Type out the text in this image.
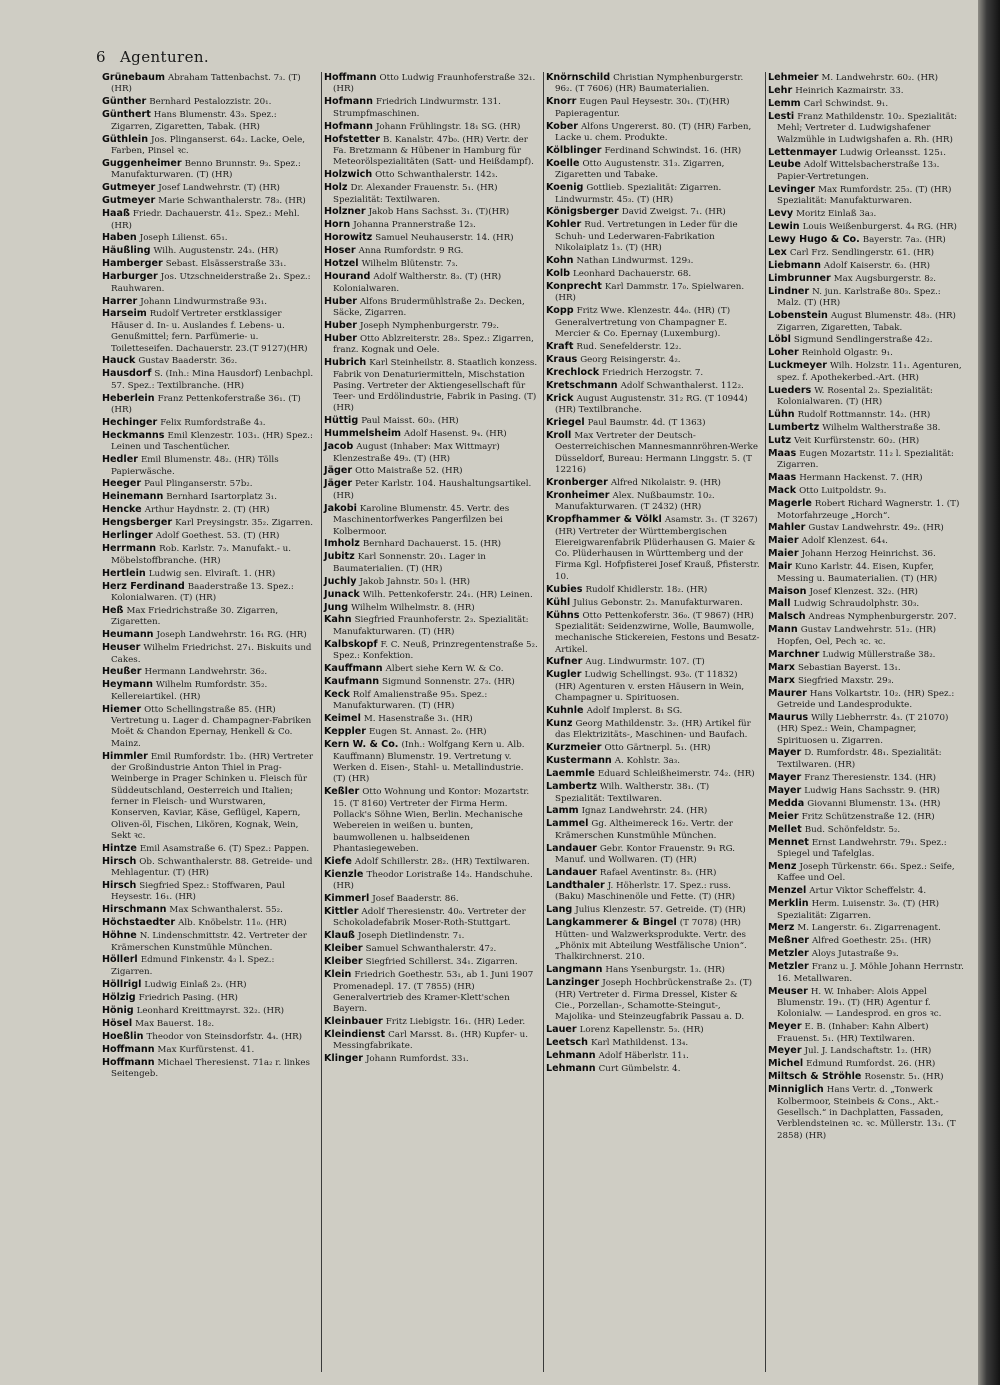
6 Agenturen.
Grünebaum Abraham Tattenbachst. 7₃. (T) (HR)
Günther Bernhard Pestalozzistr. 20₁.
Günthert Hans Blumenstr. 43₃. Spez.: Zigarren, Zigaretten, Tabak. (HR)
Güthlein Jos. Plinganserst. 64₂. Lacke, Oele, Farben, Pinsel ꝛc.
Guggenheimer Benno Brunnstr. 9₃. Spez.: Manufakturwaren. (T) (HR)
Gutmeyer Josef Landwehrstr. (T) (HR)
Gutmeyer Marie Schwanthalerstr. 78₃. (HR)
Haaß Friedr. Dachauerstr. 41₂. Spez.: Mehl. (HR)
Haben Joseph Lilienst. 65₁.
Häußling Wilh. Augustenstr. 24₃. (HR)
Hamberger Sebast. Elsässerstraße 33₁.
Harburger Jos. Utzschneiderstraße 2₁. Spez.: Rauhwaren.
Harrer Johann Lindwurmstraße 93₁.
Harseim Rudolf Vertreter erstklassiger Häuser d. In- u. Auslandes f. Lebens- u. Genußmittel; fern. Parfümerie- u. Toiletteseifen. Dachauerstr. 23.(T 9127)(HR)
Hauck Gustav Baaderstr. 36₂.
Hausdorf S. (Inh.: Mina Hausdorf) Lenbachpl. 57. Spez.: Textilbranche. (HR)
Heberlein Franz Pettenkoferstraße 36₁. (T) (HR)
Hechinger Felix Rumfordstraße 4₃.
Heckmanns Emil Klenzestr. 103₁. (HR) Spez.: Leinen und Taschentücher.
Hedler Emil Blumenstr. 48₂. (HR) Tölls Papierwäsche.
Heeger Paul Plinganserstr. 57b₂.
Heinemann Bernhard Isartorplatz 3₁.
Hencke Arthur Haydnstr. 2. (T) (HR)
Hengsberger Karl Preysingstr. 35₂. Zigarren.
Herlinger Adolf Goethest. 53. (T) (HR)
Herrmann Rob. Karlstr. 7₃. Manufakt.- u. Möbelstoffbranche. (HR)
Hertlein Ludwig sen. Elviraſt. 1. (HR)
Herz Ferdinand Baaderstraße 13. Spez.: Kolonialwaren. (T) (HR)
Heß Max Friedrichstraße 30. Zigarren, Zigaretten.
Heumann Joseph Landwehrstr. 16₁ RG. (HR)
Heuser Wilhelm Friedrichst. 27₁. Biskuits und Cakes.
Heußer Hermann Landwehrstr. 36₂.
Heymann Wilhelm Rumfordstr. 35₂. Kellereiartikel. (HR)
Hiemer Otto Schellingstraße 85. (HR) Vertretung u. Lager d. Champagner-Fabriken Moët & Chandon Epernay, Henkell & Co. Mainz.
Himmler Emil Rumfordstr. 1b₂. (HR) Vertreter der Großindustrie Anton Thiel in Prag-Weinberge in Prager Schinken u. Fleisch für Süddeutschland, Oesterreich und Italien; ferner in Fleisch- und Wurstwaren, Konserven, Kaviar, Käse, Geflügel, Kapern, Oliven-öl, Fischen, Likören, Kognak, Wein, Sekt ꝛc.
Hintze Emil Asamstraße 6. (T) Spez.: Pappen.
Hirsch Ob. Schwanthalerstr. 88. Getreide- und Mehlagentur. (T) (HR)
Hirsch Siegfried Spez.: Stoffwaren, Paul Heysestr. 16₁. (HR)
Hirschmann Max Schwanthalerst. 55₂.
Höchstaedter Alb. Knöbelstr. 11₀. (HR)
Höhne N. Lindenschmittstr. 42. Vertreter der Krämerschen Kunstmühle München.
Höllerl Edmund Finkenstr. 4₃ l. Spez.: Zigarren.
Höllrigl Ludwig Einlaß 2₃. (HR)
Hölzig Friedrich Pasing. (HR)
Hönig Leonhard Kreittmayrst. 32₂. (HR)
Hösel Max Bauerst. 18₂.
Hoeßlin Theodor von Steinsdorfstr. 4₄. (HR)
Hoffmann Max Kurfürstenst. 41.
Hoffmann Michael Theresienst. 71a₂ r. linkes Seitengeb.
Hoffmann Otto Ludwig Fraunhoferstraße 32₁. (HR)
Hofmann Friedrich Lindwurmstr. 131. Strumpfmaschinen.
Hofmann Johann Frühlingstr. 18₁ SG. (HR)
Hofstetter B. Kanalstr. 47b₀. (HR) Vertr. der Fa. Bretzmann & Hübener in Hamburg für Meteorölspezialitäten (Satt- und Heißdampf).
Holzwich Otto Schwanthalerstr. 142₃.
Holz Dr. Alexander Frauenstr. 5₁. (HR) Spezialität: Textilwaren.
Holzner Jakob Hans Sachsst. 3₁. (T)(HR)
Horn Johanna Prannerstraße 12₃.
Horowitz Samuel Neuhauserstr. 14. (HR)
Hoser Anna Rumfordstr. 9 RG.
Hotzel Wilhelm Blütenstr. 7₃.
Hourand Adolf Waltherstr. 8₃. (T) (HR) Kolonialwaren.
Huber Alfons Brudermühlstraße 2₃. Decken, Säcke, Zigarren.
Huber Joseph Nymphenburgerstr. 79₂.
Huber Otto Ablzreiterstr. 28₃. Spez.: Zigarren, franz. Kognak und Oele.
Hubrich Karl Steinheilstr. 8. Staatlich konzess. Fabrik von Denaturiermitteln, Mischstation Pasing. Vertreter der Aktiengesellschaft für Teer- und Erdölindustrie, Fabrik in Pasing. (T) (HR)
Hüttig Paul Maisst. 60₃. (HR)
Hummelsheim Adolf Hasenst. 9₄. (HR)
Jacob August (Inhaber: Max Wittmayr) Klenzestraße 49₃. (T) (HR)
Jäger Otto Maistraße 52. (HR)
Jäger Peter Karlstr. 104. Haushaltungsartikel. (HR)
Jakobi Karoline Blumenstr. 45. Vertr. des Maschinentorfwerkes Pangerfilzen bei Kolbermoor.
Imholz Bernhard Dachauerst. 15. (HR)
Jubitz Karl Sonnenstr. 20₁. Lager in Baumaterialien. (T) (HR)
Juchly Jakob Jahnstr. 50₃ l. (HR)
Junack Wilh. Pettenkoferstr. 24₁. (HR) Leinen.
Jung Wilhelm Wilhelmstr. 8. (HR)
Kahn Siegfried Fraunhoferstr. 2₃. Spezialität: Manufakturwaren. (T) (HR)
Kalbskopf F. C. Neuß, Prinzregentenstraße 5₂. Spez.: Konfektion.
Kauffmann Albert siehe Kern W. & Co.
Kaufmann Sigmund Sonnenstr. 27₃. (HR)
Keck Rolf Amalienstraße 95₃. Spez.: Manufakturwaren. (T) (HR)
Keimel M. Hasenstraße 3₁. (HR)
Keppler Eugen St. Annast. 2₀. (HR)
Kern W. & Co. (Inh.: Wolfgang Kern u. Alb. Kauffmann) Blumenstr. 19. Vertretung v. Werken d. Eisen-, Stahl- u. Metallindustrie. (T) (HR)
Keßler Otto Wohnung und Kontor: Mozartstr. 15. (T 8160) Vertreter der Firma Herm. Pollack's Söhne Wien, Berlin. Mechanische Webereien in weißen u. bunten, baumwollenen u. halbseidenen Phantasiegeweben.
Kiefe Adolf Schillerstr. 28₂. (HR) Textilwaren.
Kienzle Theodor Loristraße 14₃. Handschuhe. (HR)
Kimmerl Josef Baaderstr. 86.
Kittler Adolf Theresienstr. 40₀. Vertreter der Schokoladefabrik Moser-Roth-Stuttgart.
Klauß Joseph Dietlindenstr. 7₁.
Kleiber Samuel Schwanthalerstr. 47₂.
Kleiber Siegfried Schillerst. 34₁. Zigarren.
Klein Friedrich Goethestr. 53₁, ab 1. Juni 1907 Promenadepl. 17. (T 7855) (HR) Generalvertrieb des Kramer-Klett'schen Bayern.
Kleinbauer Fritz Liebigstr. 16₁. (HR) Leder.
Kleindienst Carl Marsst. 8₁. (HR) Kupfer- u. Messingfabrikate.
Klinger Johann Rumfordst. 33₁.
Knörnschild Christian Nymphenburgerstr. 96₂. (T 7606) (HR) Baumaterialien.
Knorr Eugen Paul Heysestr. 30₁. (T)(HR) Papieragentur.
Kober Alfons Ungererst. 80. (T) (HR) Farben, Lacke u. chem. Produkte.
Kölblinger Ferdinand Schwindst. 16. (HR)
Koelle Otto Augustenstr. 31₃. Zigarren, Zigaretten und Tabake.
Koenig Gottlieb. Spezialität: Zigarren. Lindwurmstr. 45₃. (T) (HR)
Königsberger David Zweigst. 7₁. (HR)
Kohler Rud. Vertretungen in Leder für die Schuh- und Lederwaren-Fabrikation Nikolaiplatz 1₃. (T) (HR)
Kohn Nathan Lindwurmst. 129₃.
Kolb Leonhard Dachauerstr. 68.
Konprecht Karl Dammstr. 17₀. Spielwaren. (HR)
Kopp Fritz Wwe. Klenzestr. 44₀. (HR) (T) Generalvertretung von Champagner E. Mercier & Co. Epernay (Luxemburg).
Kraft Rud. Senefelderstr. 12₂.
Kraus Georg Reisingerstr. 4₂.
Krechlock Friedrich Herzogstr. 7.
Kretschmann Adolf Schwanthalerst. 112₂.
Krick August Augustenstr. 31₂ RG. (T 10944) (HR) Textilbranche.
Kriegel Paul Baumstr. 4d. (T 1363)
Kroll Max Vertreter der Deutsch-Oesterreichischen Mannesmannröhren-Werke Düsseldorf, Bureau: Hermann Linggstr. 5. (T 12216)
Kronberger Alfred Nikolaistr. 9. (HR)
Kronheimer Alex. Nußbaumstr. 10₂. Manufakturwaren. (T 2432) (HR)
Kropfhammer & Völkl Asamstr. 3₁. (T 3267) (HR) Vertreter der Württembergischen Eiereigwarenfabrik Plüderhausen G. Maier & Co. Plüderhausen in Württemberg und der Firma Kgl. Hofpfisterei Josef Krauß, Pfisterstr. 10.
Kubies Rudolf Khidlerstr. 18₂. (HR)
Kühl Julius Gebonstr. 2₃. Manufakturwaren.
Kühns Otto Pettenkoferstr. 36₀. (T 9867) (HR) Spezialität: Seidenzwirne, Wolle, Baumwolle, mechanische Stickereien, Festons und Besatz-Artikel.
Kufner Aug. Lindwurmstr. 107. (T)
Kugler Ludwig Schellingst. 93₀. (T 11832) (HR) Agenturen v. ersten Häusern in Wein, Champagner u. Spirituosen.
Kuhnle Adolf Implerst. 8₁ SG.
Kunz Georg Mathildenstr. 3₂. (HR) Artikel für das Elektrizitäts-, Maschinen- und Baufach.
Kurzmeier Otto Gärtnerpl. 5₁. (HR)
Kustermann A. Kohlstr. 3a₃.
Laemmle Eduard Schleißheimerstr. 74₂. (HR)
Lambertz Wilh. Waltherstr. 38₁. (T) Spezialität: Textilwaren.
Lamm Ignaz Landwehrstr. 24. (HR)
Lammel Gg. Altheimereck 16₂. Vertr. der Krämerschen Kunstmühle München.
Landauer Gebr. Kontor Frauenstr. 9₁ RG. Manuf. und Wollwaren. (T) (HR)
Landauer Rafael Aventinstr. 8₃. (HR)
Landthaler J. Höherlstr. 17. Spez.: russ. (Baku) Maschinenöle und Fette. (T) (HR)
Lang Julius Klenzestr. 57. Getreide. (T) (HR)
Langkammerer & Bingel (T 7078) (HR) Hütten- und Walzwerksprodukte. Vertr. des „Phönix mit Abteilung Westfälische Union“. Thalkirchnerst. 210.
Langmann Hans Ysenburgstr. 1₃. (HR)
Lanzinger Joseph Hochbrückenstraße 2₃. (T) (HR) Vertreter d. Firma Dressel, Kister & Cie., Porzellan-, Schamotte-Steingut-, Majolika- und Steinzeugfabrik Passau a. D.
Lauer Lorenz Kapellenstr. 5₃. (HR)
Leetsch Karl Mathildenst. 13₄.
Lehmann Adolf Häberlstr. 11₁.
Lehmann Curt Gümbelstr. 4.
Lehmeier M. Landwehrstr. 60₂. (HR)
Lehr Heinrich Kazmairstr. 33.
Lemm Carl Schwindst. 9₁.
Lesti Franz Mathildenstr. 10₂. Spezialität: Mehl; Vertreter d. Ludwigshafener Walzmühle in Ludwigshafen a. Rh. (HR)
Lettenmayer Ludwig Orleansst. 125₁.
Leube Adolf Wittelsbacherstraße 13₃. Papier-Vertretungen.
Levinger Max Rumfordstr. 25₃. (T) (HR) Spezialität: Manufakturwaren.
Levy Moritz Einlaß 3a₃.
Lewin Louis Weißenburgerst. 4₄ RG. (HR)
Lewy Hugo & Co. Bayerstr. 7a₃. (HR)
Lex Carl Frz. Sendlingerstr. 61. (HR)
Liebmann Adolf Kaiserstr. 6₃. (HR)
Limbrunner Max Augsburgerstr. 8₂.
Lindner N. jun. Karlstraße 80₃. Spez.: Malz. (T) (HR)
Lobenstein August Blumenstr. 48₃. (HR) Zigarren, Zigaretten, Tabak.
Löbl Sigmund Sendlingerstraße 42₂.
Loher Reinhold Olgastr. 9₁.
Luckmeyer Wilh. Holzstr. 11₁. Agenturen, spez. f. Apothekerbed.-Art. (HR)
Lueders W. Rosental 2₃. Spezialität: Kolonialwaren. (T) (HR)
Lühn Rudolf Rottmannstr. 14₂. (HR)
Lumbertz Wilhelm Waltherstraße 38.
Lutz Veit Kurfürstenstr. 60₂. (HR)
Maas Eugen Mozartstr. 11₂ l. Spezialität: Zigarren.
Maas Hermann Hackenst. 7. (HR)
Mack Otto Luitpoldstr. 9₃.
Magerle Robert Richard Wagnerstr. 1. (T) Motorfahrzeuge „Horch“.
Mahler Gustav Landwehrstr. 49₂. (HR)
Maier Adolf Klenzest. 64₄.
Maier Johann Herzog Heinrichst. 36.
Mair Kuno Karlstr. 44. Eisen, Kupfer, Messing u. Baumaterialien. (T) (HR)
Maison Josef Klenzest. 32₂. (HR)
Mall Ludwig Schraudolphstr. 30₃.
Malsch Andreas Nymphenburgerstr. 207.
Mann Gustav Landwehrstr. 51₂. (HR) Hopfen, Oel, Pech ꝛc. ꝛc.
Marchner Ludwig Müllerstraße 38₂.
Marx Sebastian Bayerst. 13₁.
Marx Siegfried Maxstr. 29₃.
Maurer Hans Volkartstr. 10₂. (HR) Spez.: Getreide und Landesprodukte.
Maurus Willy Liebherrstr. 4₃. (T 21070) (HR) Spez.: Wein, Champagner, Spirituosen u. Zigarren.
Mayer D. Rumfordstr. 48₁. Spezialität: Textilwaren. (HR)
Mayer Franz Theresienstr. 134. (HR)
Mayer Ludwig Hans Sachsstr. 9. (HR)
Medda Giovanni Blumenstr. 13₄. (HR)
Meier Fritz Schützenstraße 12. (HR)
Mellet Bud. Schönfeldstr. 5₂.
Mennet Ernst Landwehrstr. 79₁. Spez.: Spiegel und Tafelglas.
Menz Joseph Türkenstr. 66₁. Spez.: Seife, Kaffee und Oel.
Menzel Artur Viktor Scheffelstr. 4.
Merklin Herm. Luisenstr. 3₀. (T) (HR) Spezialität: Zigarren.
Merz M. Langerstr. 6₁. Zigarrenagent.
Meßner Alfred Goethestr. 25₁. (HR)
Metzler Aloys Jutastraße 9₃.
Metzler Franz u. J. Möhle Johann Herrnstr. 16. Metallwaren.
Meuser H. W. Inhaber: Alois Appel Blumenstr. 19₁. (T) (HR) Agentur f. Kolonialw. — Landesprod. en gros ꝛc.
Meyer E. B. (Inhaber: Kahn Albert) Frauenst. 5₁. (HR) Textilwaren.
Meyer Jul. J. Landschaftstr. 1₂. (HR)
Michel Edmund Rumfordst. 26. (HR)
Miltsch & Ströhle Rosenstr. 5₁. (HR)
Minniglich Hans Vertr. d. „Tonwerk Kolbermoor, Steinbeis & Cons., Akt.-Gesellsch.“ in Dachplatten, Fassaden, Verblendsteinen ꝛc. ꝛc. Müllerstr. 13₁. (T 2858) (HR)
